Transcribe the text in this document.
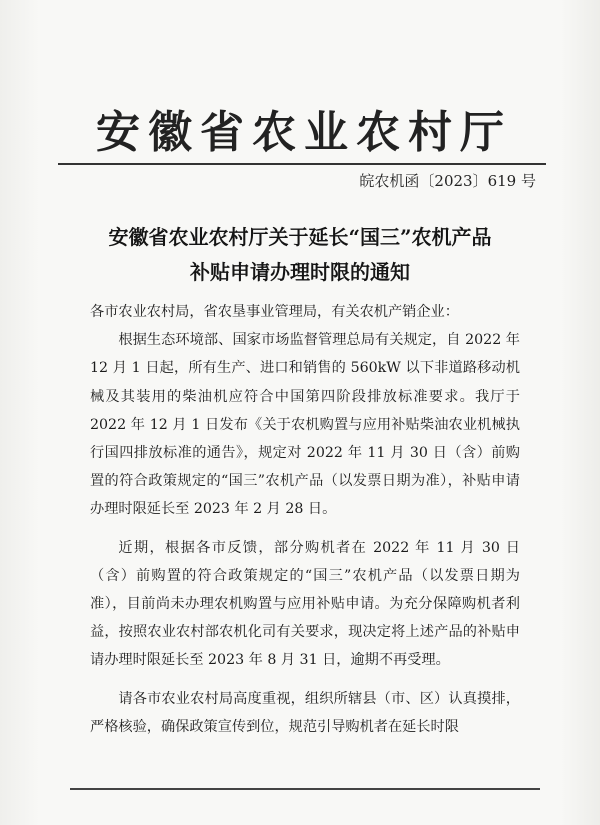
安徽省农业农村厅
皖农机函〔2023〕619 号
安徽省农业农村厅关于延长“国三”农机产品
补贴申请办理时限的通知

各市农业农村局，省农垦事业管理局，有关农机产销企业：

根据生态环境部、国家市场监督管理总局有关规定，自 2022 年 12 月 1 日起，所有生产、进口和销售的 560kW 以下非道路移动机械及其装用的柴油机应符合中国第四阶段排放标准要求。我厅于 2022 年 12 月 1 日发布《关于农机购置与应用补贴柴油农业机械执行国四排放标准的通告》，规定对 2022 年 11 月 30 日（含）前购置的符合政策规定的“国三”农机产品（以发票日期为准），补贴申请办理时限延长至 2023 年 2 月 28 日。

近期，根据各市反馈，部分购机者在 2022 年 11 月 30 日（含）前购置的符合政策规定的“国三”农机产品（以发票日期为准），目前尚未办理农机购置与应用补贴申请。为充分保障购机者利益，按照农业农村部农机化司有关要求，现决定将上述产品的补贴申请办理时限延长至 2023 年 8 月 31 日，逾期不再受理。

请各市农业农村局高度重视，组织所辖县（市、区）认真摸排，严格核验，确保政策宣传到位，规范引导购机者在延长时限
